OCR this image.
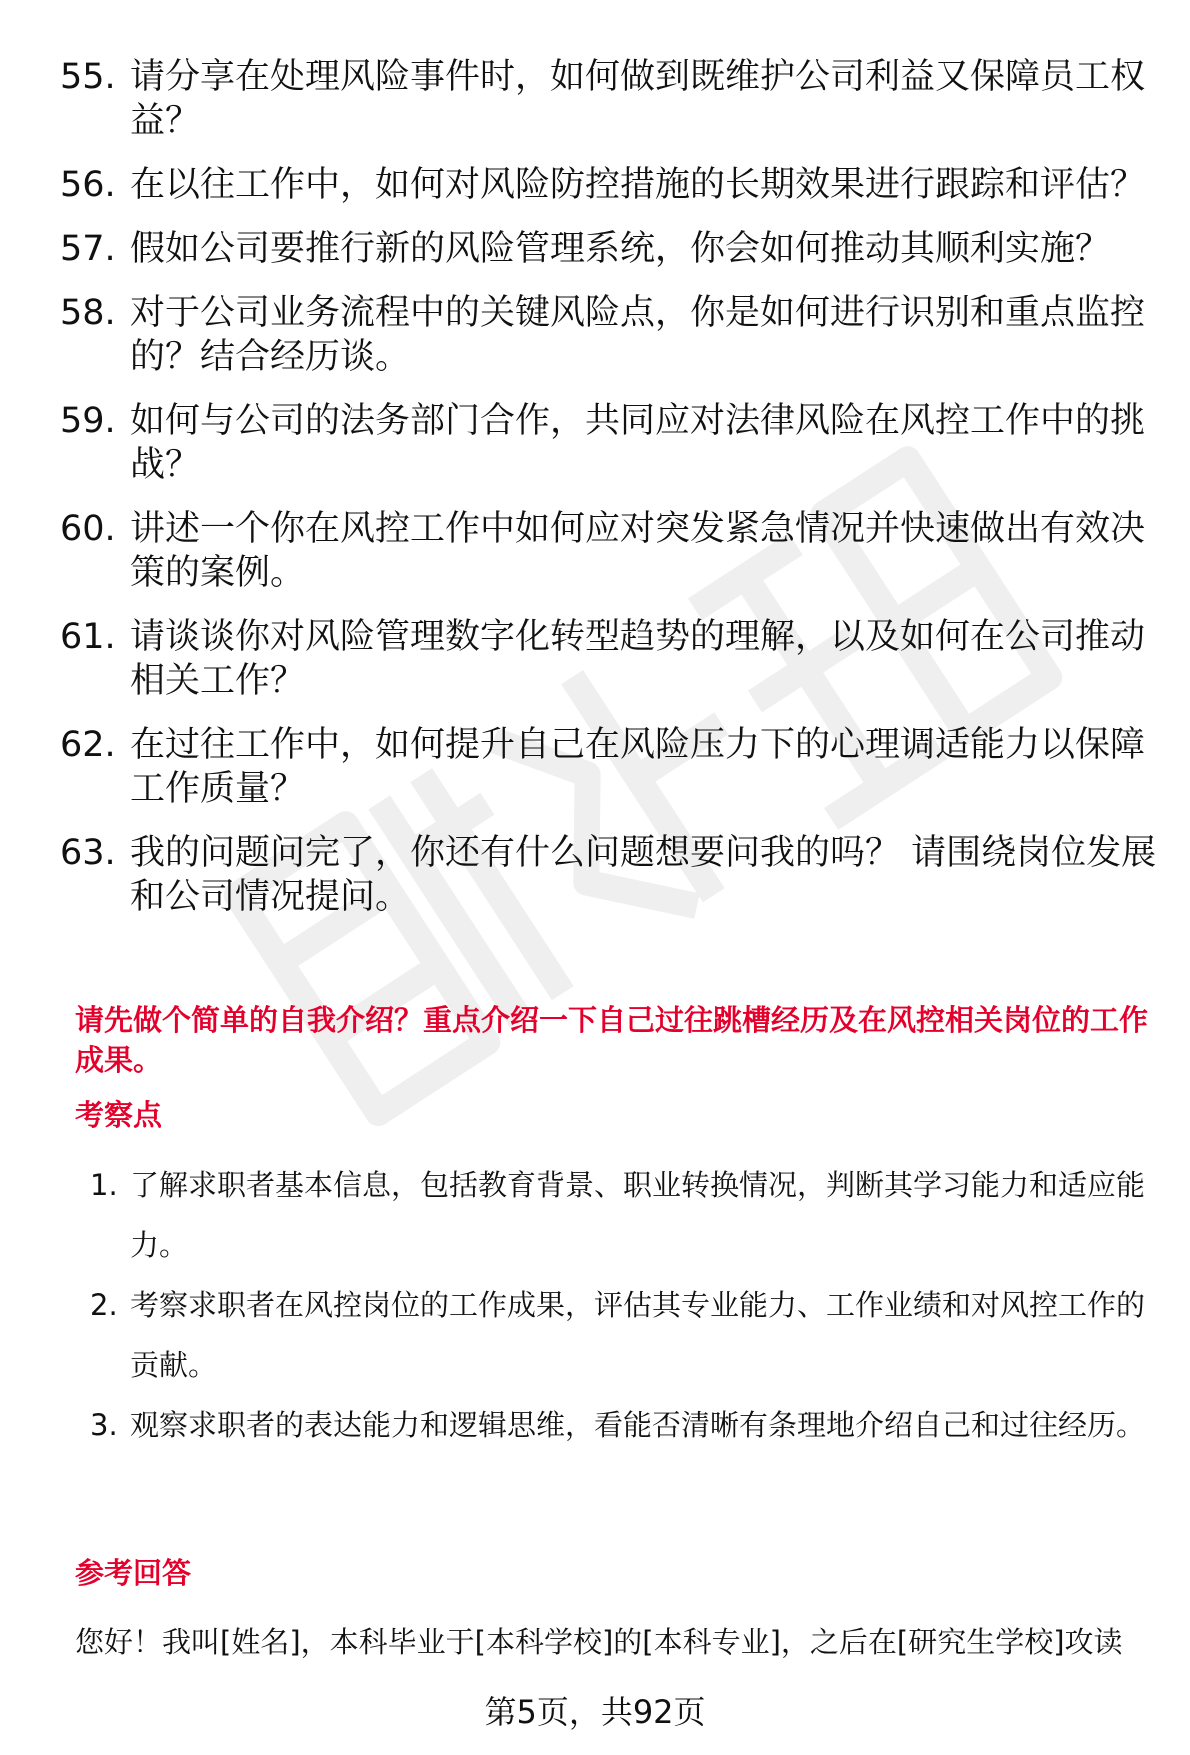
55. 请分享在处理风险事件时，如何做到既维护公司利益又保障员工权益？
56. 在以往工作中，如何对风险防控措施的长期效果进行跟踪和评估？
57. 假如公司要推行新的风险管理系统，你会如何推动其顺利实施？
58. 对于公司业务流程中的关键风险点，你是如何进行识别和重点监控的？结合经历谈。
59. 如何与公司的法务部门合作，共同应对法律风险在风控工作中的挑战？
60. 讲述一个你在风控工作中如何应对突发紧急情况并快速做出有效决策的案例。
61. 请谈谈你对风险管理数字化转型趋势的理解，以及如何在公司推动相关工作？
62. 在过往工作中，如何提升自己在风险压力下的心理调适能力以保障工作质量？
63. 我的问题问完了，你还有什么问题想要问我的吗？ 请围绕岗位发展和公司情况提问。
请先做个简单的自我介绍？重点介绍一下自己过往跳槽经历及在风控相关岗位的工作成果。
考察点
1. 了解求职者基本信息，包括教育背景、职业转换情况，判断其学习能力和适应能力。
2. 考察求职者在风控岗位的工作成果，评估其专业能力、工作业绩和对风控工作的贡献。
3. 观察求职者的表达能力和逻辑思维，看能否清晰有条理地介绍自己和过往经历。
参考回答
您好！我叫[姓名]，本科毕业于[本科学校]的[本科专业]，之后在[研究生学校]攻读
第5页，共92页
